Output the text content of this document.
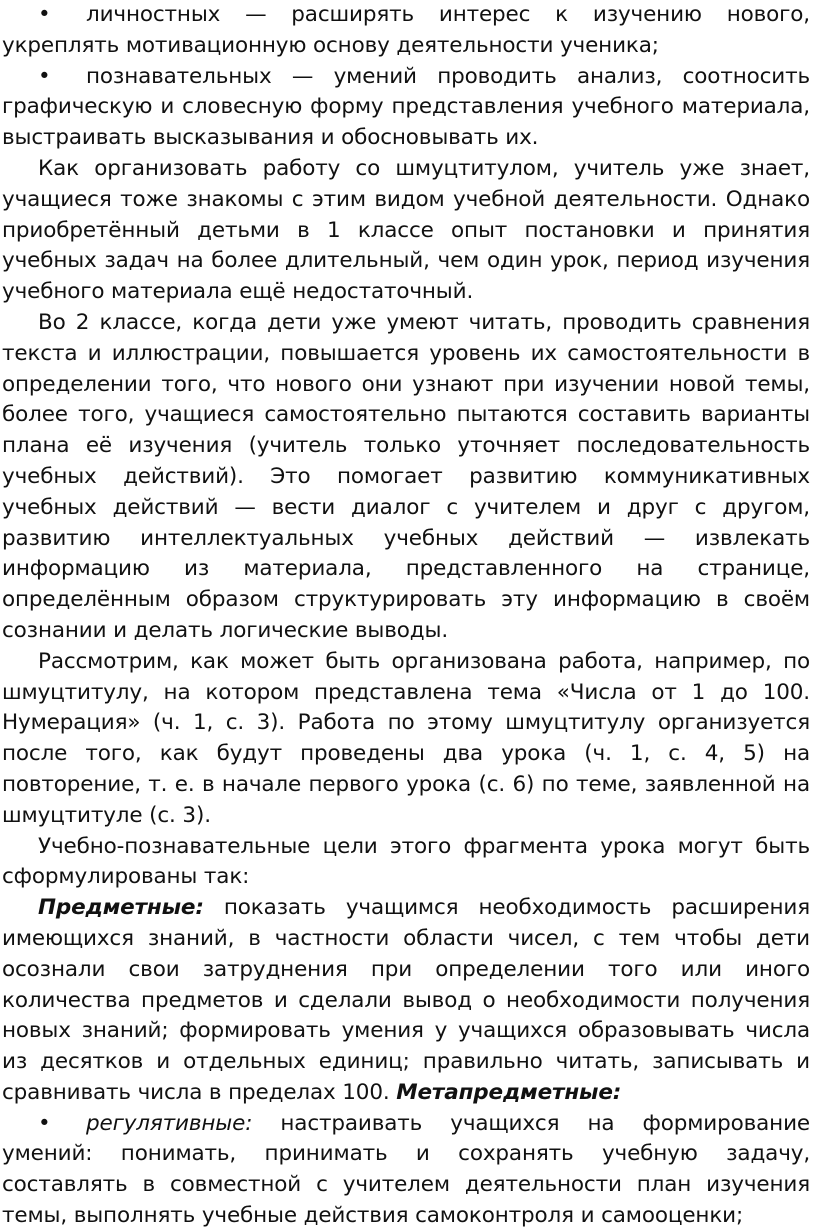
• личностных — расширять интерес к изучению нового, укреплять мотивационную основу деятельности ученика;

• познавательных — умений проводить анализ, соотносить графическую и словесную форму представления учебного материала, выстраивать высказывания и обосновывать их.

Как организовать работу со шмуцтитулом, учитель уже знает, учащиеся тоже знакомы с этим видом учебной деятельности. Однако приобретённый детьми в 1 классе опыт постановки и принятия учебных задач на более длительный, чем один урок, период изучения учебного материала ещё недостаточный.

Во 2 классе, когда дети уже умеют читать, проводить сравнения текста и иллюстрации, повышается уровень их самостоятельности в определении того, что нового они узнают при изучении новой темы, более того, учащиеся самостоятельно пытаются составить варианты плана её изучения (учитель только уточняет последовательность учебных действий). Это помогает развитию коммуникативных учебных действий — вести диалог с учителем и друг с другом, развитию интеллектуальных учебных действий — извлекать информацию из материала, представленного на странице, определённым образом структурировать эту информацию в своём сознании и делать логические выводы.

Рассмотрим, как может быть организована работа, например, по шмуцтитулу, на котором представлена тема «Числа от 1 до 100. Нумерация» (ч. 1, с. 3). Работа по этому шмуцтитулу организуется после того, как будут проведены два урока (ч. 1, с. 4, 5) на повторение, т. е. в начале первого урока (с. 6) по теме, заявленной на шмуцтитуле (с. 3).

Учебно-познавательные цели этого фрагмента урока могут быть сформулированы так:

Предметные: показать учащимся необходимость расширения имеющихся знаний, в частности области чисел, с тем чтобы дети осознали свои затруднения при определении того или иного количества предметов и сделали вывод о необходимости получения новых знаний; формировать умения у учащихся образовывать числа из десятков и отдельных единиц; правильно читать, записывать и сравнивать числа в пределах 100. Метапредметные:

• регулятивные: настраивать учащихся на формирование умений: понимать, принимать и сохранять учебную задачу, составлять в совместной с учителем деятельности план изучения темы, выполнять учебные действия самоконтроля и самооценки;
